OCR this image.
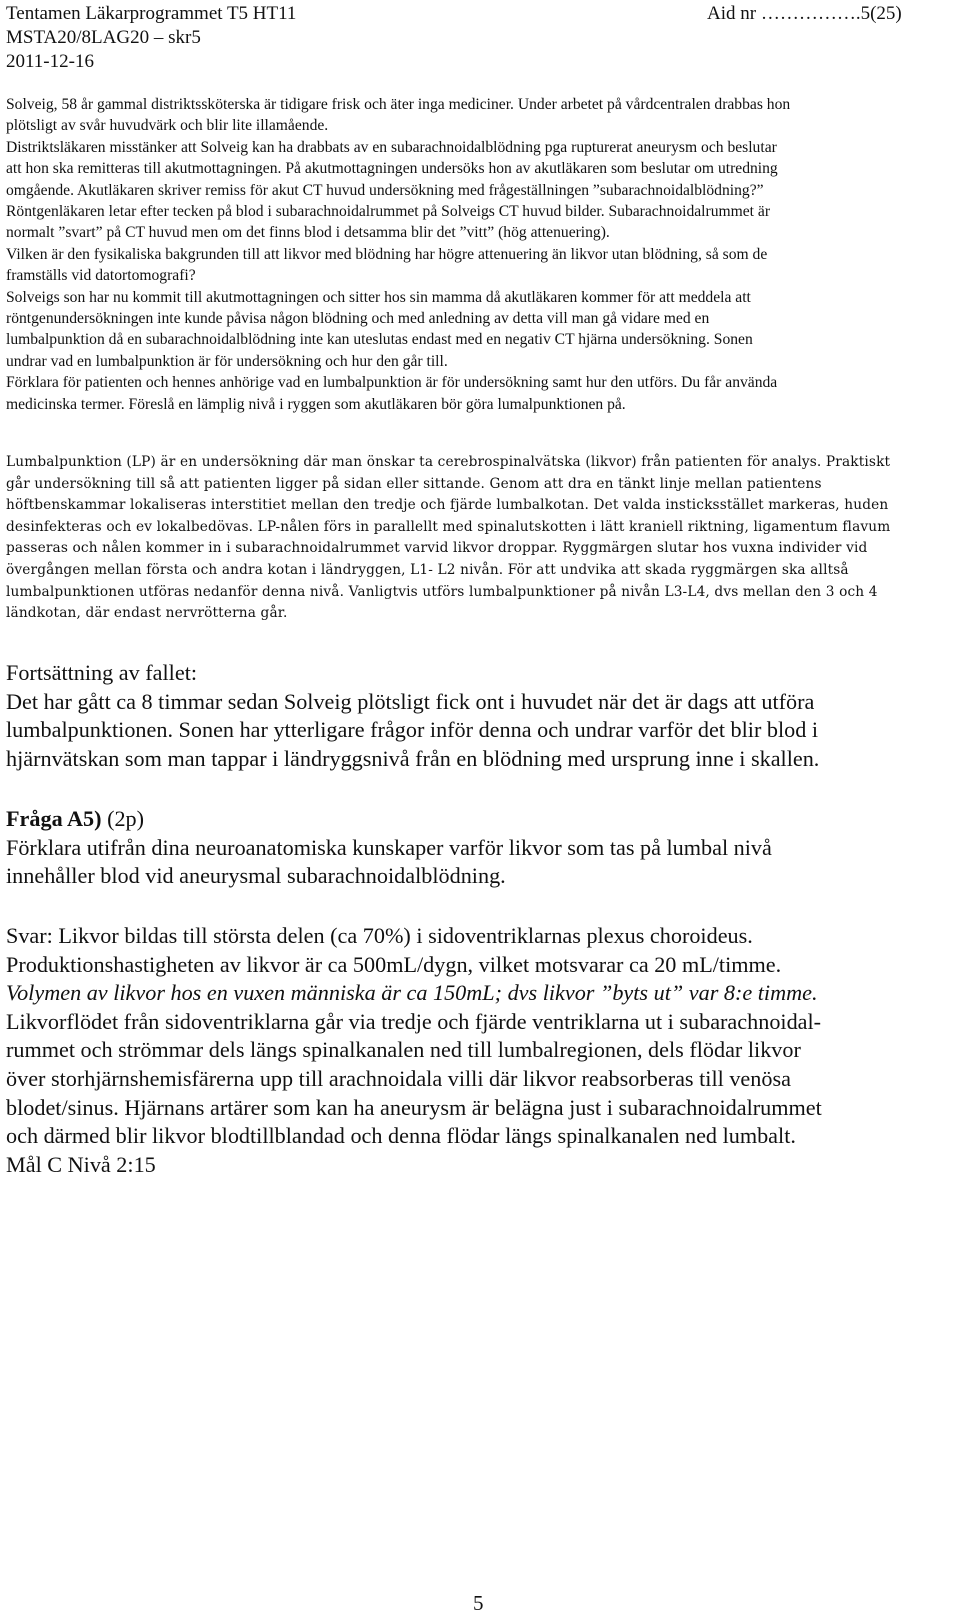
Tentamen Läkarprogrammet T5 HT11
MSTA20/8LAG20 – skr5
2011-12-16
Aid nr …………….5(25)
Solveig, 58 år gammal distriktssköterska är tidigare frisk och äter inga mediciner. Under arbetet på vårdcentralen drabbas hon
plötsligt av svår huvudvärk och blir lite illamående.
Distriktsläkaren misstänker att Solveig kan ha drabbats av en subarachnoidalblödning pga rupturerat aneurysm och beslutar
att hon ska remitteras till akutmottagningen. På akutmottagningen undersöks hon av akutläkaren som beslutar om utredning
omgående. Akutläkaren skriver remiss för akut CT huvud undersökning med frågeställningen ”subarachnoidalblödning?”
Röntgenläkaren letar efter tecken på blod i subarachnoidalrummet på Solveigs CT huvud bilder. Subarachnoidalrummet är
normalt ”svart” på CT huvud men om det finns blod i detsamma blir det ”vitt” (hög attenuering).
Vilken är den fysikaliska bakgrunden till att likvor med blödning har högre attenuering än likvor utan blödning, så som de
framställs vid datortomografi?
Solveigs son har nu kommit till akutmottagningen och sitter hos sin mamma då akutläkaren kommer för att meddela att
röntgenundersökningen inte kunde påvisa någon blödning och med anledning av detta vill man gå vidare med en
lumbalpunktion då en subarachnoidalblödning inte kan uteslutas endast med en negativ CT hjärna undersökning. Sonen
undrar vad en lumbalpunktion är för undersökning och hur den går till.
Förklara för patienten och hennes anhörige vad en lumbalpunktion är för undersökning samt hur den utförs. Du får använda
medicinska termer. Föreslå en lämplig nivå i ryggen som akutläkaren bör göra lumalpunktionen på.
Lumbalpunktion (LP) är en undersökning där man önskar ta cerebrospinalvätska (likvor) från patienten för analys. Praktiskt
går undersökning till så att patienten ligger på sidan eller sittande. Genom att dra en tänkt linje mellan patientens
höftbenskammar lokaliseras interstitiet mellan den tredje och fjärde lumbalkotan. Det valda insticksstället markeras, huden
desinfekteras och ev lokalbedövas. LP-nålen förs in parallellt med spinalutskotten i lätt kraniell riktning, ligamentum flavum
passeras och nålen kommer in i subarachnoidalrummet varvid likvor droppar. Ryggmärgen slutar hos vuxna individer vid
övergången mellan första och andra kotan i ländryggen, L1- L2 nivån. För att undvika att skada ryggmärgen ska alltså
lumbalpunktionen utföras nedanför denna nivå. Vanligtvis utförs lumbalpunktioner på nivån L3-L4, dvs mellan den 3 och 4
ländkotan, där endast nervrötterna går.
Fortsättning av fallet:
Det har gått ca 8 timmar sedan Solveig plötsligt fick ont i huvudet när det är dags att utföra
lumbalpunktionen. Sonen har ytterligare frågor inför denna och undrar varför det blir blod i
hjärnvätskan som man tappar i ländryggsnivå från en blödning med ursprung inne i skallen.
Fråga A5) (2p)
Förklara utifrån dina neuroanatomiska kunskaper varför likvor som tas på lumbal nivå
innehåller blod vid aneurysmal subarachnoidalblödning.
Svar: Likvor bildas till största delen (ca 70%) i sidoventriklarnas plexus choroideus.
Produktionshastigheten av likvor är ca 500mL/dygn, vilket motsvarar ca 20 mL/timme.
Volymen av likvor hos en vuxen människa är ca 150mL; dvs likvor ”byts ut” var 8:e timme.
Likvorflödet från sidoventriklarna går via tredje och fjärde ventriklarna ut i subarachnoidal-
rummet och strömmar dels längs spinalkanalen ned till lumbalregionen, dels flödar likvor
över storhjärnshemisfärerna upp till arachnoidala villi där likvor reabsorberas till venösa
blodet/sinus. Hjärnans artärer som kan ha aneurysm är belägna just i subarachnoidalrummet
och därmed blir likvor blodtillblandad och denna flödar längs spinalkanalen ned lumbalt.
Mål C Nivå 2:15
5
